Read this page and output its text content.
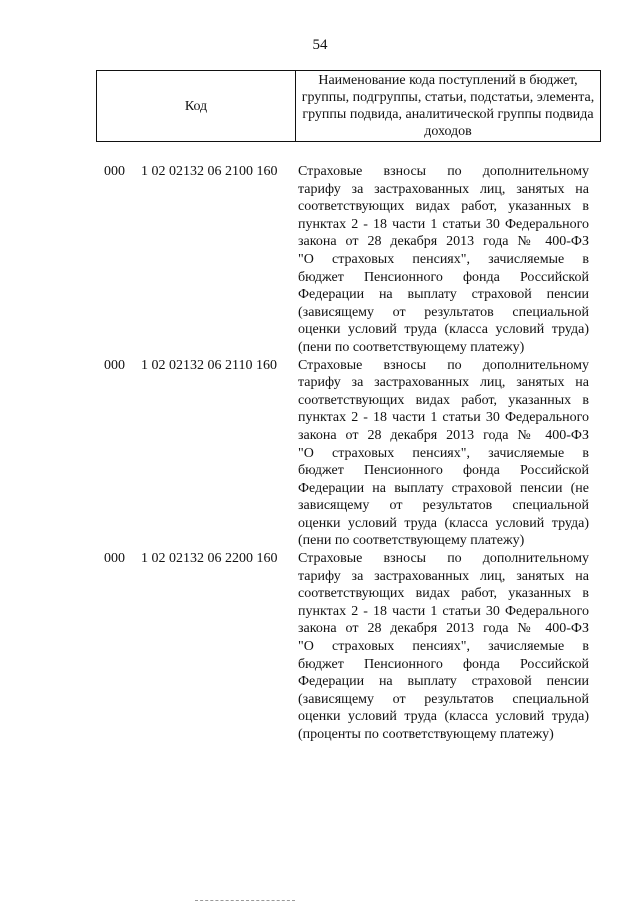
54
Код	Наименование кода поступлений в бюджет, группы, подгруппы, статьи, подстатьи, элемента, группы подвида, аналитической группы подвида доходов
000 1 02 02132 06 2100 160 Страховые взносы по дополнительному
тарифу за застрахованных лиц, занятых на
соответствующих видах работ, указанных в
пунктах 2 - 18 части 1 статьи 30 Федерального
закона от 28 декабря 2013 года № 400-ФЗ
"О страховых пенсиях", зачисляемые в
бюджет Пенсионного фонда Российской
Федерации на выплату страховой пенсии
(зависящему от результатов специальной
оценки условий труда (класса условий труда)
(пени по соответствующему платежу)
000 1 02 02132 06 2110 160 Страховые взносы по дополнительному
тарифу за застрахованных лиц, занятых на
соответствующих видах работ, указанных в
пунктах 2 - 18 части 1 статьи 30 Федерального
закона от 28 декабря 2013 года № 400-ФЗ
"О страховых пенсиях", зачисляемые в
бюджет Пенсионного фонда Российской
Федерации на выплату страховой пенсии (не
зависящему от результатов специальной
оценки условий труда (класса условий труда)
(пени по соответствующему платежу)
000 1 02 02132 06 2200 160 Страховые взносы по дополнительному
тарифу за застрахованных лиц, занятых на
соответствующих видах работ, указанных в
пунктах 2 - 18 части 1 статьи 30 Федерального
закона от 28 декабря 2013 года № 400-ФЗ
"О страховых пенсиях", зачисляемые в
бюджет Пенсионного фонда Российской
Федерации на выплату страховой пенсии
(зависящему от результатов специальной
оценки условий труда (класса условий труда)
(проценты по соответствующему платежу)
